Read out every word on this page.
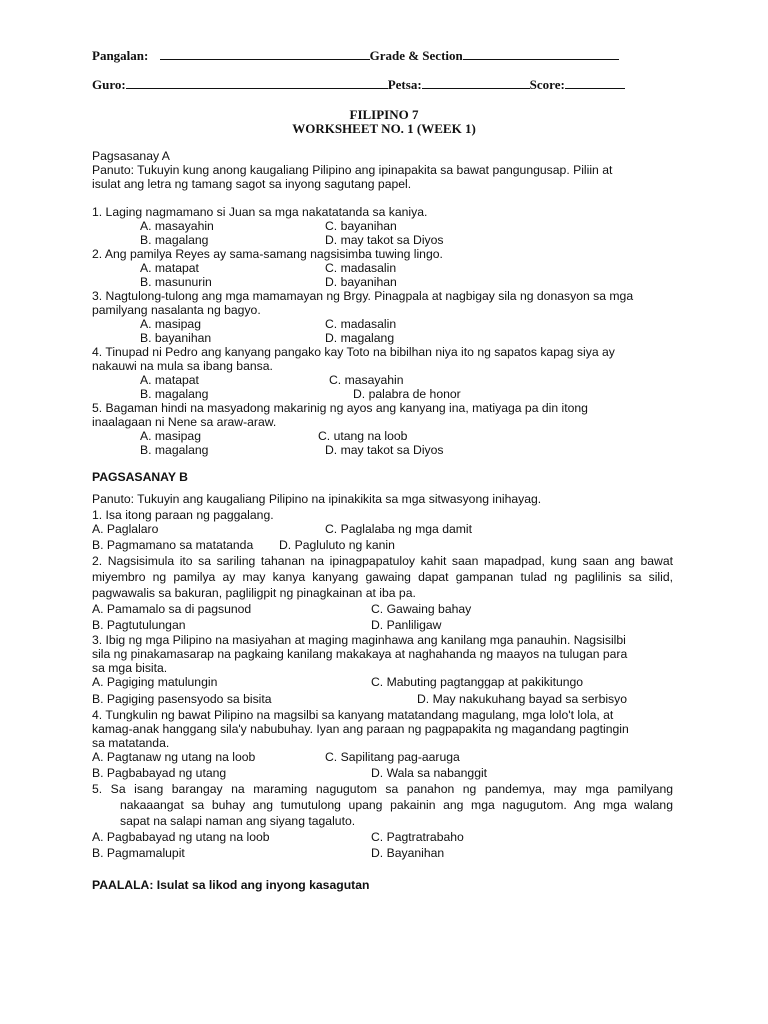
Pangalan:	Grade & Section
Guro:	Petsa:	Score:
FILIPINO 7
WORKSHEET NO. 1 (WEEK 1)
Pagsasanay A
Panuto: Tukuyin kung anong kaugaliang Pilipino ang ipinapakita sa bawat pangungusap. Piliin at
isulat ang letra ng tamang sagot sa inyong sagutang papel.
1. Laging nagmamano si Juan sa mga nakatatanda sa kaniya.
A. masayahin	C. bayanihan
B. magalang	D. may takot sa Diyos
2. Ang pamilya Reyes ay sama-samang nagsisimba tuwing lingo.
A. matapat	C. madasalin
B. masunurin	D. bayanihan
3. Nagtulong-tulong ang mga mamamayan ng Brgy. Pinagpala at nagbigay sila ng donasyon sa mga
pamilyang nasalanta ng bagyo.
A. masipag	C. madasalin
B. bayanihan	D. magalang
4. Tinupad ni Pedro ang kanyang pangako kay Toto na bibilhan niya ito ng sapatos kapag siya ay
nakauwi na mula sa ibang bansa.
A. matapat	C. masayahin
B. magalang	D. palabra de honor
5. Bagaman hindi na masyadong makarinig ng ayos ang kanyang ina, matiyaga pa din itong
inaalagaan ni Nene sa araw-araw.
A. masipag	C. utang na loob
B. magalang	D. may takot sa Diyos
PAGSASANAY B
Panuto: Tukuyin ang kaugaliang Pilipino na ipinakikita sa mga sitwasyong inihayag.
1. Isa itong paraan ng paggalang.
A. Paglalaro	C. Paglalaba ng mga damit
B. Pagmamano sa matatanda D. Pagluluto ng kanin
2. Nagsisimula ito sa sariling tahanan na ipinagpapatuloy kahit saan mapadpad, kung saan ang bawat
miyembro ng pamilya ay may kanya kanyang gawaing dapat gampanan tulad ng paglilinis sa silid,
pagwawalis sa bakuran, pagliligpit ng pinagkainan at iba pa.
A. Pamamalo sa di pagsunod	C. Gawaing bahay
B. Pagtutulungan	D. Panliligaw
3. Ibig ng mga Pilipino na masiyahan at maging maginhawa ang kanilang mga panauhin. Nagsisilbi
sila ng pinakamasarap na pagkaing kanilang makakaya at naghahanda ng maayos na tulugan para
sa mga bisita.
A. Pagiging matulungin	C. Mabuting pagtanggap at pakikitungo
B. Pagiging pasensyodo sa bisita	D. May nakukuhang bayad sa serbisyo
4. Tungkulin ng bawat Pilipino na magsilbi sa kanyang matatandang magulang, mga lolo't lola, at
kamag-anak hanggang sila'y nabubuhay. Iyan ang paraan ng pagpapakita ng magandang pagtingin
sa matatanda.
A. Pagtanaw ng utang na loob	C. Sapilitang pag-aaruga
B. Pagbabayad ng utang	D. Wala sa nabanggit
5. Sa isang barangay na maraming nagugutom sa panahon ng pandemya, may mga pamilyang
nakaaangat sa buhay ang tumutulong upang pakainin ang mga nagugutom. Ang mga walang
sapat na salapi naman ang siyang tagaluto.
A. Pagbabayad ng utang na loob	C. Pagtratrabaho
B. Pagmamalupit	D. Bayanihan
PAALALA: Isulat sa likod ang inyong kasagutan
